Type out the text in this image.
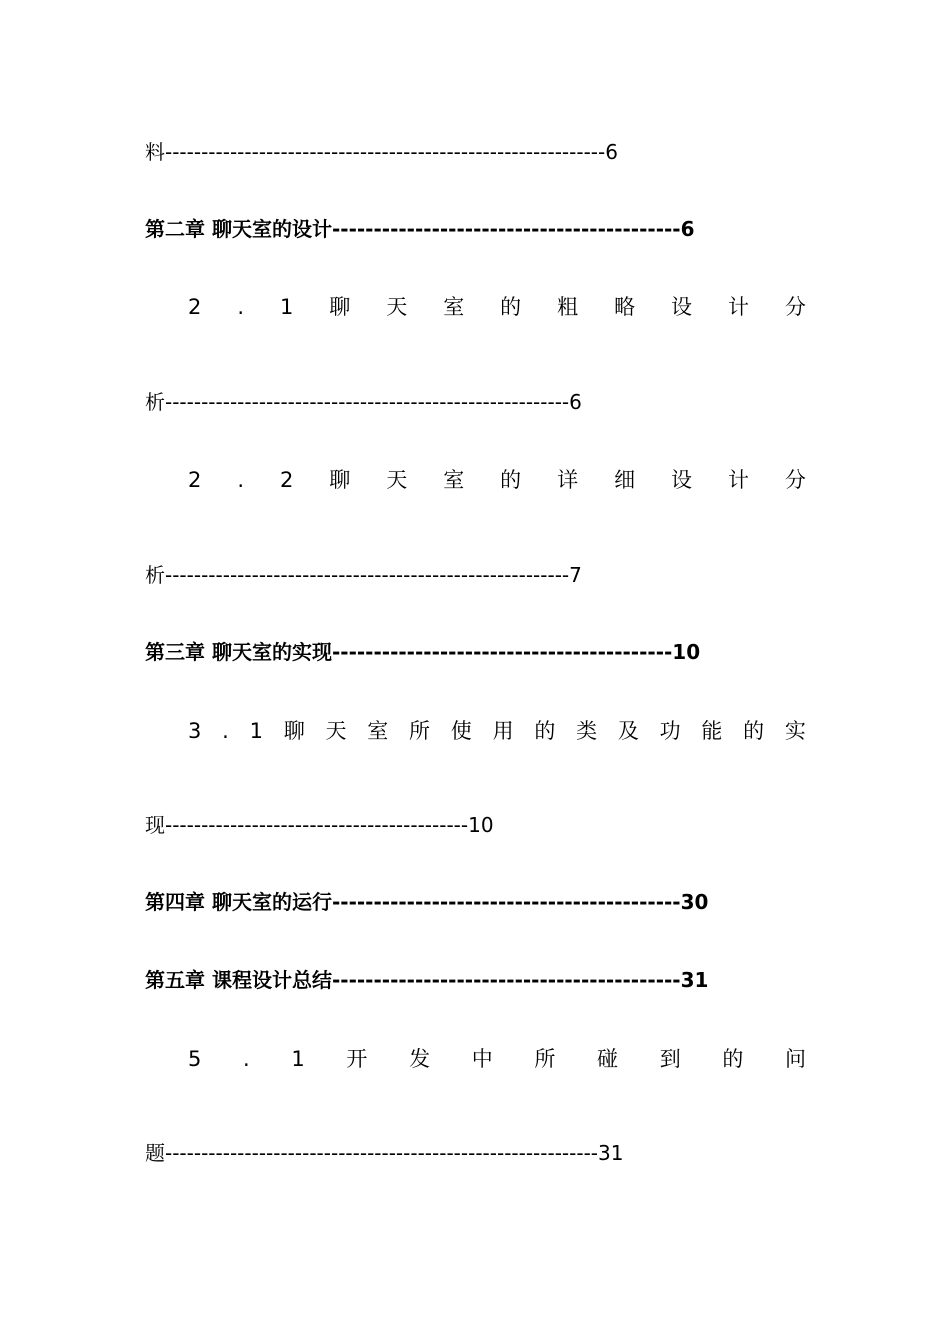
料-------------------------------------------------------------6
第二章 聊天室的设计------------------------------------------6
2 . 1 聊 天 室 的 粗 略 设 计 分
析--------------------------------------------------------6
2 . 2 聊 天 室 的 详 细 设 计 分
析--------------------------------------------------------7
第三章 聊天室的实现-----------------------------------------10
3 . 1 聊 天 室 所 使 用 的 类 及 功 能 的 实
现------------------------------------------10
第四章 聊天室的运行------------------------------------------30
第五章 课程设计总结------------------------------------------31
5 . 1 开 发 中 所 碰 到 的 问
题------------------------------------------------------------31
